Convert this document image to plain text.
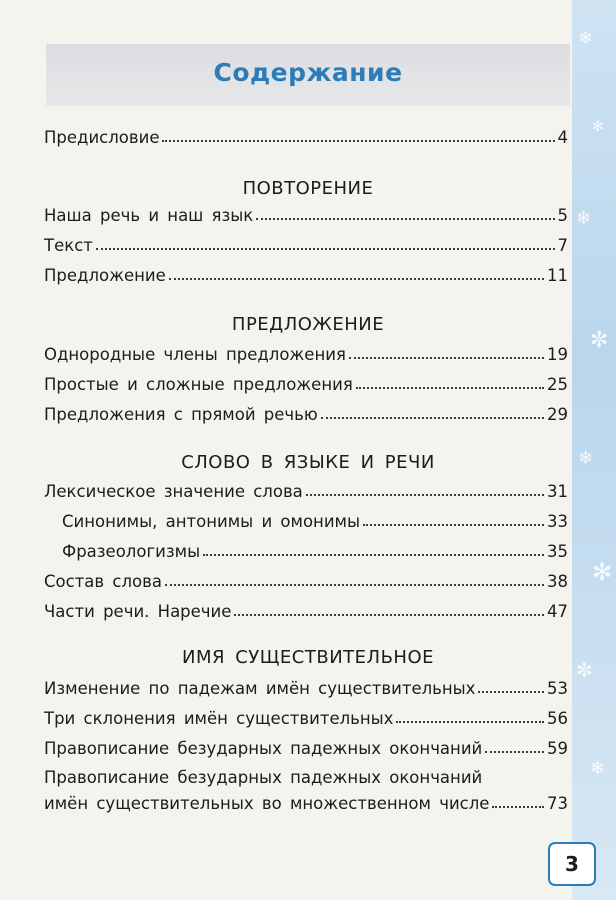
❄
✻
❄
✼
❄
✻
✼
❄
Содержание
Предисловие	4
ПОВТОРЕНИЕ
Наша речь и наш язык	5
Текст	7
Предложение	11
ПРЕДЛОЖЕНИЕ
Однородные члены предложения	19
Простые и сложные предложения	25
Предложения с прямой речью	29
СЛОВО В ЯЗЫКЕ И РЕЧИ
Лексическое значение слова	31
Синонимы, антонимы и омонимы	33
Фразеологизмы	35
Состав слова	38
Части речи. Наречие	47
ИМЯ СУЩЕСТВИТЕЛЬНОЕ
Изменение по падежам имён существительных	53
Три склонения имён существительных	56
Правописание безударных падежных окончаний	59
Правописание безударных падежных окончаний
имён существительных во множественном числе	73
3
